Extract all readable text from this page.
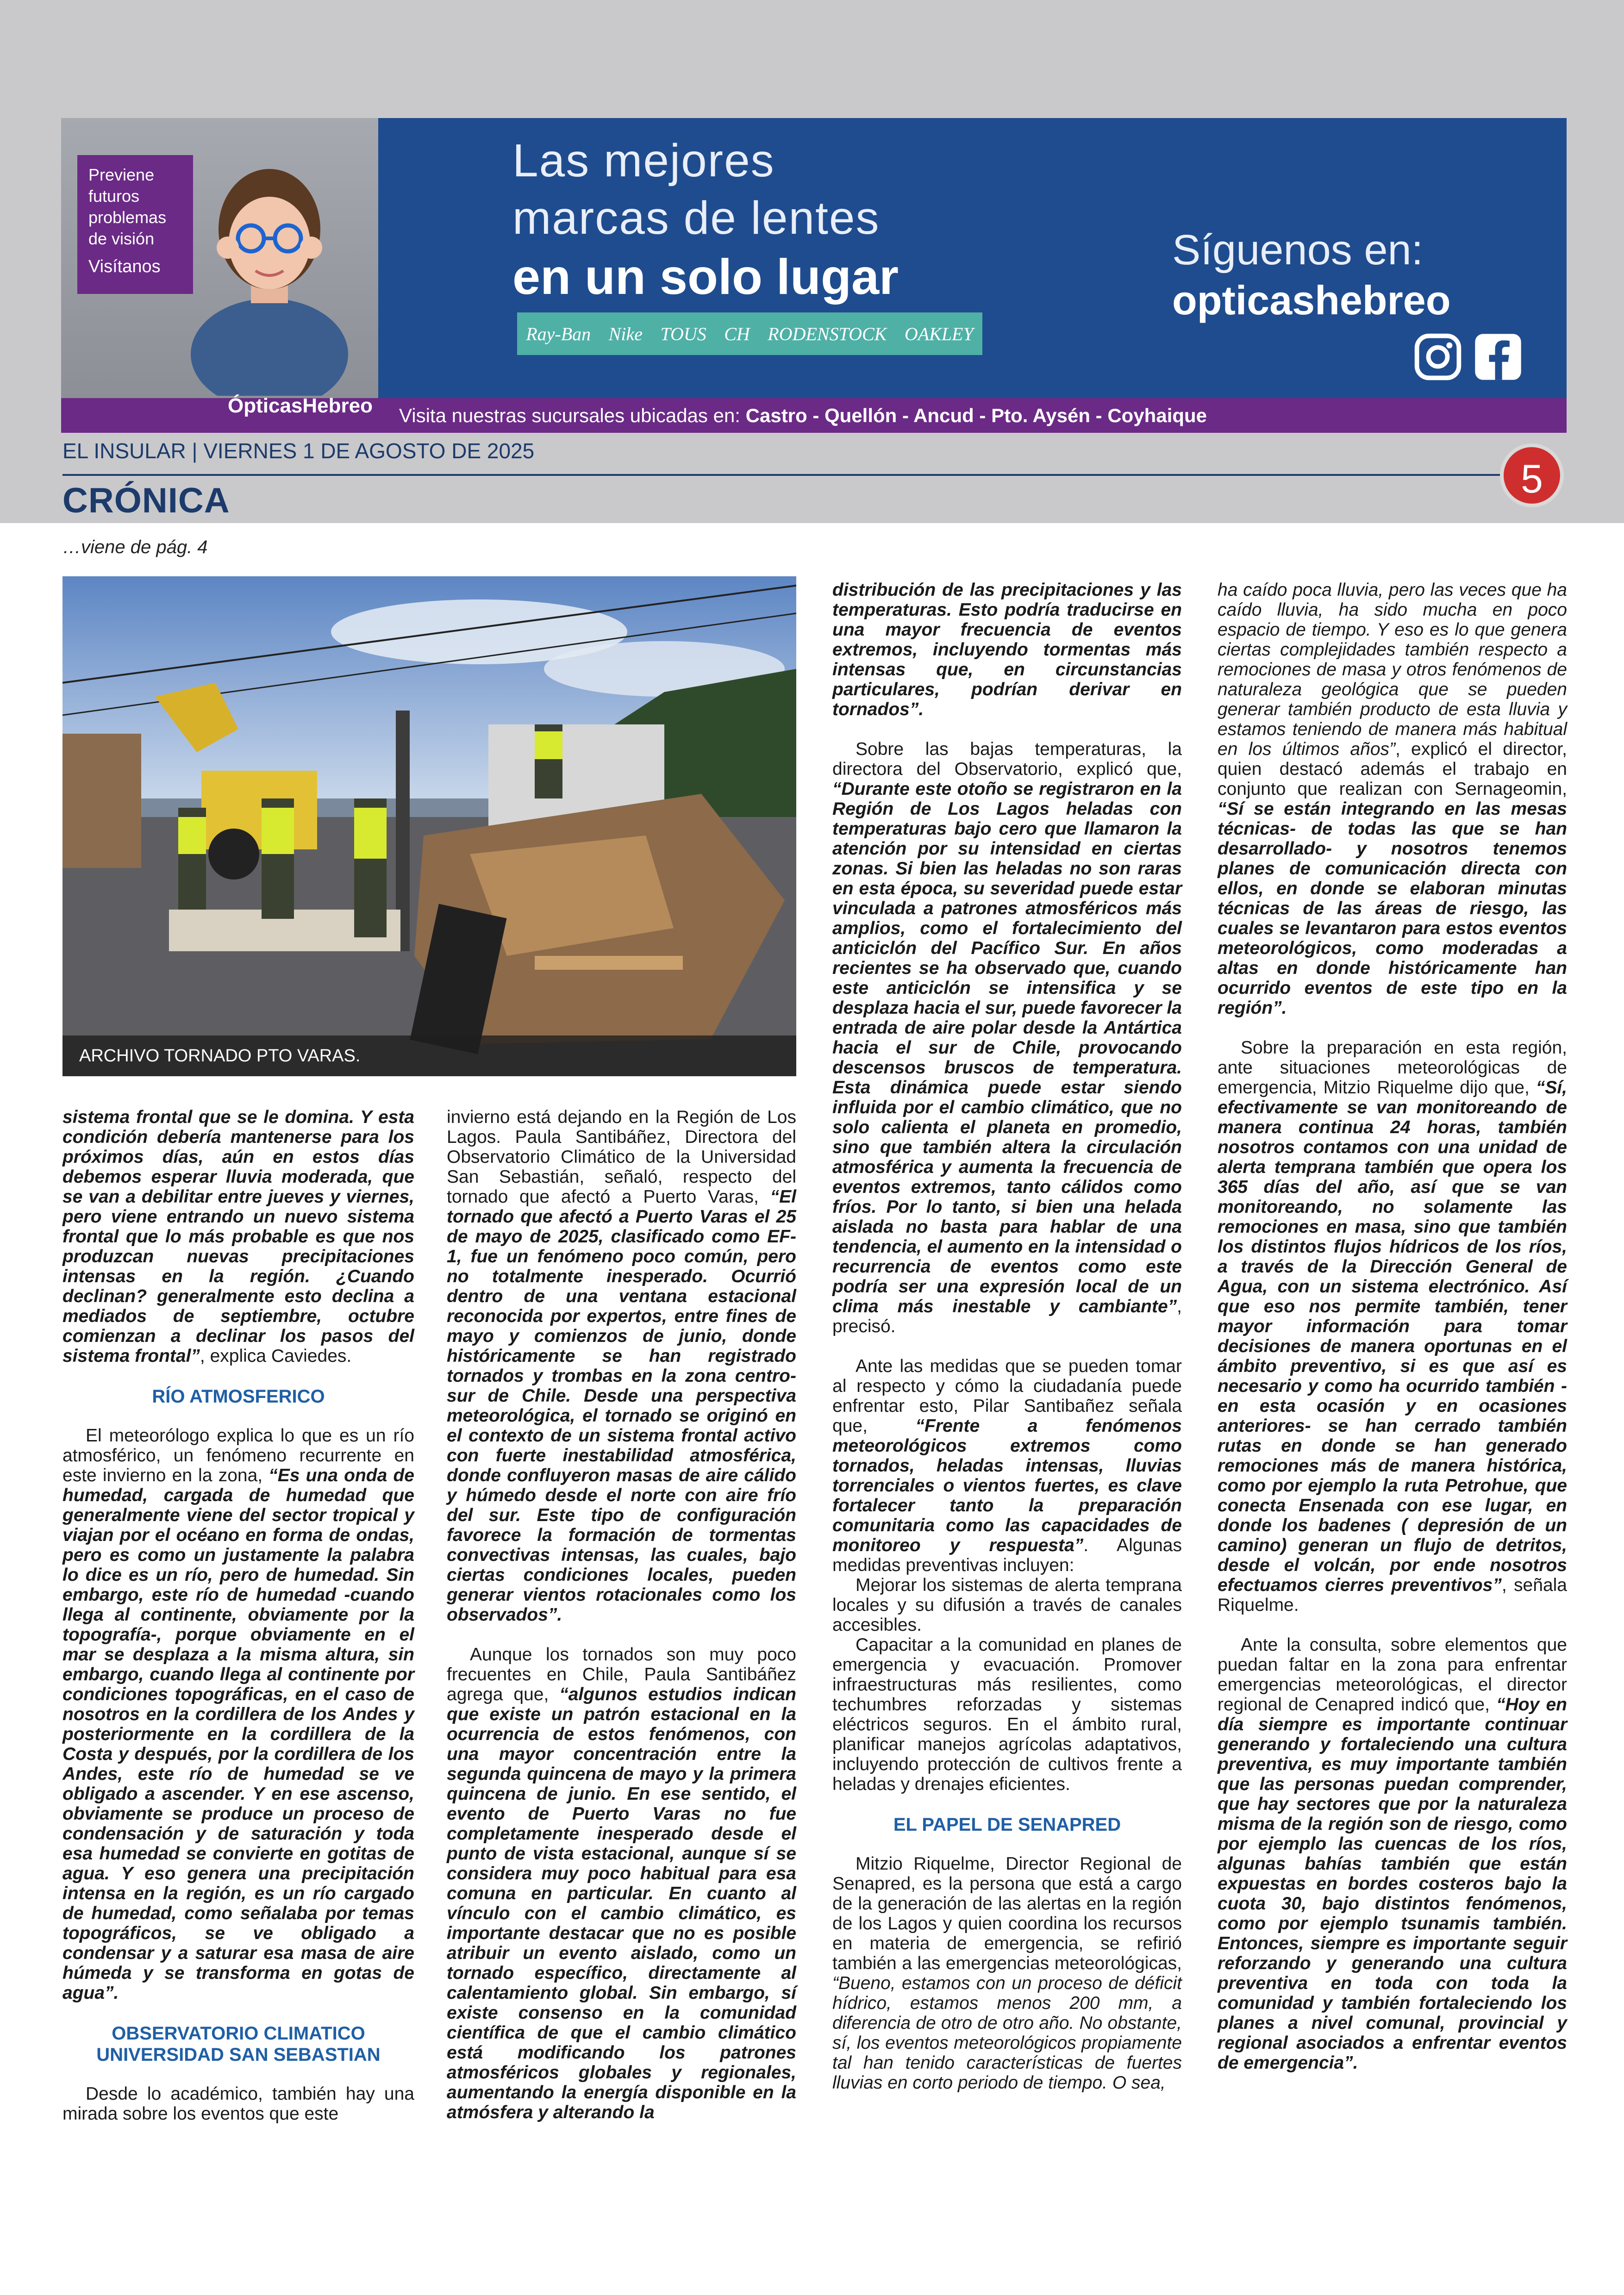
Previene
futuros
problemas
de visión
Visítanos
Las mejores
marcas de lentes
en un solo lugar
Ray-Ban Nike TOUS CH RODENSTOCK OAKLEY
Síguenos en:
opticashebreo
ÓpticasHebreo Visita nuestras sucursales ubicadas en: Castro - Quellón - Ancud - Pto. Aysén - Coyhaique
EL INSULAR | VIERNES 1 DE AGOSTO DE 2025
5
CRÓNICA
…viene de pág. 4
ARCHIVO TORNADO PTO VARAS.

sistema frontal que se le domina. Y esta condición debería mantenerse para los próximos días, aún en estos días debemos esperar lluvia moderada, que se van a debilitar entre jueves y viernes, pero viene entrando un nuevo sistema frontal que lo más probable es que nos produzcan nuevas precipitaciones intensas en la región. ¿Cuando declinan? generalmente esto declina a mediados de septiembre, octubre comienzan a declinar los pasos del sistema frontal”, explica Caviedes.

RÍO ATMOSFERICO

El meteorólogo explica lo que es un río atmosférico, un fenómeno recurrente en este invierno en la zona, “Es una onda de humedad, cargada de humedad que generalmente viene del sector tropical y viajan por el océano en forma de ondas, pero es como un justamente la palabra lo dice es un río, pero de humedad. Sin embargo, este río de humedad -cuando llega al continente, obviamente por la topografía-, porque obviamente en el mar se desplaza a la misma altura, sin embargo, cuando llega al continente por condiciones topográficas, en el caso de nosotros en la cordillera de los Andes y posteriormente en la cordillera de la Costa y después, por la cordillera de los Andes, este río de humedad se ve obligado a ascender. Y en ese ascenso, obviamente se produce un proceso de condensación y de saturación y toda esa humedad se convierte en gotitas de agua. Y eso genera una precipitación intensa en la región, es un río cargado de humedad, como señalaba por temas topográficos, se ve obligado a condensar y a saturar esa masa de aire húmeda y se transforma en gotas de agua”.

OBSERVATORIO CLIMATICO
UNIVERSIDAD SAN SEBASTIAN

Desde lo académico, también hay una mirada sobre los eventos que este

invierno está dejando en la Región de Los Lagos. Paula Santibáñez, Directora del Observatorio Climático de la Universidad San Sebastián, señaló, respecto del tornado que afectó a Puerto Varas, “El tornado que afectó a Puerto Varas el 25 de mayo de 2025, clasificado como EF-1, fue un fenómeno poco común, pero no totalmente inesperado. Ocurrió dentro de una ventana estacional reconocida por expertos, entre fines de mayo y comienzos de junio, donde históricamente se han registrado tornados y trombas en la zona centro-sur de Chile. Desde una perspectiva meteorológica, el tornado se originó en el contexto de un sistema frontal activo con fuerte inestabilidad atmosférica, donde confluyeron masas de aire cálido y húmedo desde el norte con aire frío del sur. Este tipo de configuración favorece la formación de tormentas convectivas intensas, las cuales, bajo ciertas condiciones locales, pueden generar vientos rotacionales como los observados”.

Aunque los tornados son muy poco frecuentes en Chile, Paula Santibáñez agrega que, “algunos estudios indican que existe un patrón estacional en la ocurrencia de estos fenómenos, con una mayor concentración entre la segunda quincena de mayo y la primera quincena de junio. En ese sentido, el evento de Puerto Varas no fue completamente inesperado desde el punto de vista estacional, aunque sí se considera muy poco habitual para esa comuna en particular. En cuanto al vínculo con el cambio climático, es importante destacar que no es posible atribuir un evento aislado, como un tornado específico, directamente al calentamiento global. Sin embargo, sí existe consenso en la comunidad científica de que el cambio climático está modificando los patrones atmosféricos globales y regionales, aumentando la energía disponible en la atmósfera y alterando la

distribución de las precipitaciones y las temperaturas. Esto podría traducirse en una mayor frecuencia de eventos extremos, incluyendo tormentas más intensas que, en circunstancias particulares, podrían derivar en tornados”.

Sobre las bajas temperaturas, la directora del Observatorio, explicó que, “Durante este otoño se registraron en la Región de Los Lagos heladas con temperaturas bajo cero que llamaron la atención por su intensidad en ciertas zonas. Si bien las heladas no son raras en esta época, su severidad puede estar vinculada a patrones atmosféricos más amplios, como el fortalecimiento del anticiclón del Pacífico Sur. En años recientes se ha observado que, cuando este anticiclón se intensifica y se desplaza hacia el sur, puede favorecer la entrada de aire polar desde la Antártica hacia el sur de Chile, provocando descensos bruscos de temperatura. Esta dinámica puede estar siendo influida por el cambio climático, que no solo calienta el planeta en promedio, sino que también altera la circulación atmosférica y aumenta la frecuencia de eventos extremos, tanto cálidos como fríos. Por lo tanto, si bien una helada aislada no basta para hablar de una tendencia, el aumento en la intensidad o recurrencia de eventos como este podría ser una expresión local de un clima más inestable y cambiante”, precisó.

Ante las medidas que se pueden tomar al respecto y cómo la ciudadanía puede enfrentar esto, Pilar Santibañez señala que, “Frente a fenómenos meteorológicos extremos como tornados, heladas intensas, lluvias torrenciales o vientos fuertes, es clave fortalecer tanto la preparación comunitaria como las capacidades de monitoreo y respuesta”. Algunas medidas preventivas incluyen:

Mejorar los sistemas de alerta temprana locales y su difusión a través de canales accesibles.

Capacitar a la comunidad en planes de emergencia y evacuación. Promover infraestructuras más resilientes, como techumbres reforzadas y sistemas eléctricos seguros. En el ámbito rural, planificar manejos agrícolas adaptativos, incluyendo protección de cultivos frente a heladas y drenajes eficientes.

EL PAPEL DE SENAPRED

Mitzio Riquelme, Director Regional de Senapred, es la persona que está a cargo de la generación de las alertas en la región de los Lagos y quien coordina los recursos en materia de emergencia, se refirió también a las emergencias meteorológicas, “Bueno, estamos con un proceso de déficit hídrico, estamos menos 200 mm, a diferencia de otro de otro año. No obstante, sí, los eventos meteorológicos propiamente tal han tenido características de fuertes lluvias en corto periodo de tiempo. O sea,

ha caído poca lluvia, pero las veces que ha caído lluvia, ha sido mucha en poco espacio de tiempo. Y eso es lo que genera ciertas complejidades también respecto a remociones de masa y otros fenómenos de naturaleza geológica que se pueden generar también producto de esta lluvia y estamos teniendo de manera más habitual en los últimos años”, explicó el director, quien destacó además el trabajo en conjunto que realizan con Sernageomin, “Sí se están integrando en las mesas técnicas- de todas las que se han desarrollado- y nosotros tenemos planes de comunicación directa con ellos, en donde se elaboran minutas técnicas de las áreas de riesgo, las cuales se levantaron para estos eventos meteorológicos, como moderadas a altas en donde históricamente han ocurrido eventos de este tipo en la región”.

Sobre la preparación en esta región, ante situaciones meteorológicas de emergencia, Mitzio Riquelme dijo que, “Sí, efectivamente se van monitoreando de manera continua 24 horas, también nosotros contamos con una unidad de alerta temprana también que opera los 365 días del año, así que se van monitoreando, no solamente las remociones en masa, sino que también los distintos flujos hídricos de los ríos, a través de la Dirección General de Agua, con un sistema electrónico. Así que eso nos permite también, tener mayor información para tomar decisiones de manera oportunas en el ámbito preventivo, si es que así es necesario y como ha ocurrido también -en esta ocasión y en ocasiones anteriores- se han cerrado también rutas en donde se han generado remociones más de manera histórica, como por ejemplo la ruta Petrohue, que conecta Ensenada con ese lugar, en donde los badenes ( depresión de un camino) generan un flujo de detritos, desde el volcán, por ende nosotros efectuamos cierres preventivos”, señala Riquelme.

Ante la consulta, sobre elementos que puedan faltar en la zona para enfrentar emergencias meteorológicas, el director regional de Cenapred indicó que, “Hoy en día siempre es importante continuar generando y fortaleciendo una cultura preventiva, es muy importante también que las personas puedan comprender, que hay sectores que por la naturaleza misma de la región son de riesgo, como por ejemplo las cuencas de los ríos, algunas bahías también que están expuestas en bordes costeros bajo la cuota 30, bajo distintos fenómenos, como por ejemplo tsunamis también. Entonces, siempre es importante seguir reforzando y generando una cultura preventiva en toda con toda la comunidad y también fortaleciendo los planes a nivel comunal, provincial y regional asociados a enfrentar eventos de emergencia”.
